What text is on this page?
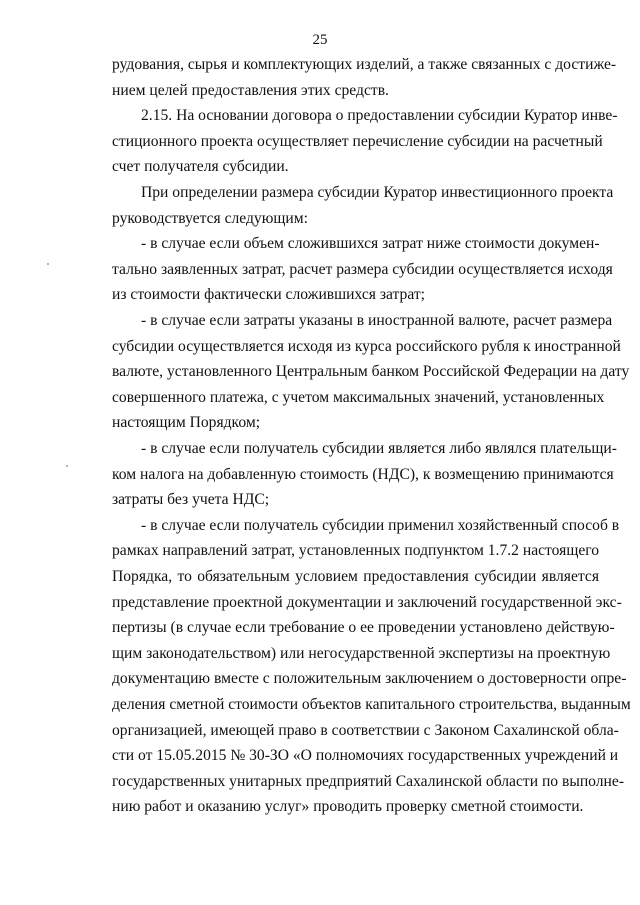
25
рудования, сырья и комплектующих изделий, а также связанных с достиже-
нием целей предоставления этих средств.
2.15. На основании договора о предоставлении субсидии Куратор инве-
стиционного проекта осуществляет перечисление субсидии на расчетный
счет получателя субсидии.
При определении размера субсидии Куратор инвестиционного проекта
руководствуется следующим:
- в случае если объем сложившихся затрат ниже стоимости докумен-
тально заявленных затрат, расчет размера субсидии осуществляется исходя
из стоимости фактически сложившихся затрат;
- в случае если затраты указаны в иностранной валюте, расчет размера
субсидии осуществляется исходя из курса российского рубля к иностранной
валюте, установленного Центральным банком Российской Федерации на дату
совершенного платежа, с учетом максимальных значений, установленных
настоящим Порядком;
- в случае если получатель субсидии является либо являлся плательщи-
ком налога на добавленную стоимость (НДС), к возмещению принимаются
затраты без учета НДС;
- в случае если получатель субсидии применил хозяйственный способ в
рамках направлений затрат, установленных подпунктом 1.7.2 настоящего
Порядка, то обязательным условием предоставления субсидии является
представление проектной документации и заключений государственной экс-
пертизы (в случае если требование о ее проведении установлено действую-
щим законодательством) или негосударственной экспертизы на проектную
документацию вместе с положительным заключением о достоверности опре-
деления сметной стоимости объектов капитального строительства, выданным
организацией, имеющей право в соответствии с Законом Сахалинской обла-
сти от 15.05.2015 № 30-ЗО «О полномочиях государственных учреждений и
государственных унитарных предприятий Сахалинской области по выполне-
нию работ и оказанию услуг» проводить проверку сметной стоимости.
